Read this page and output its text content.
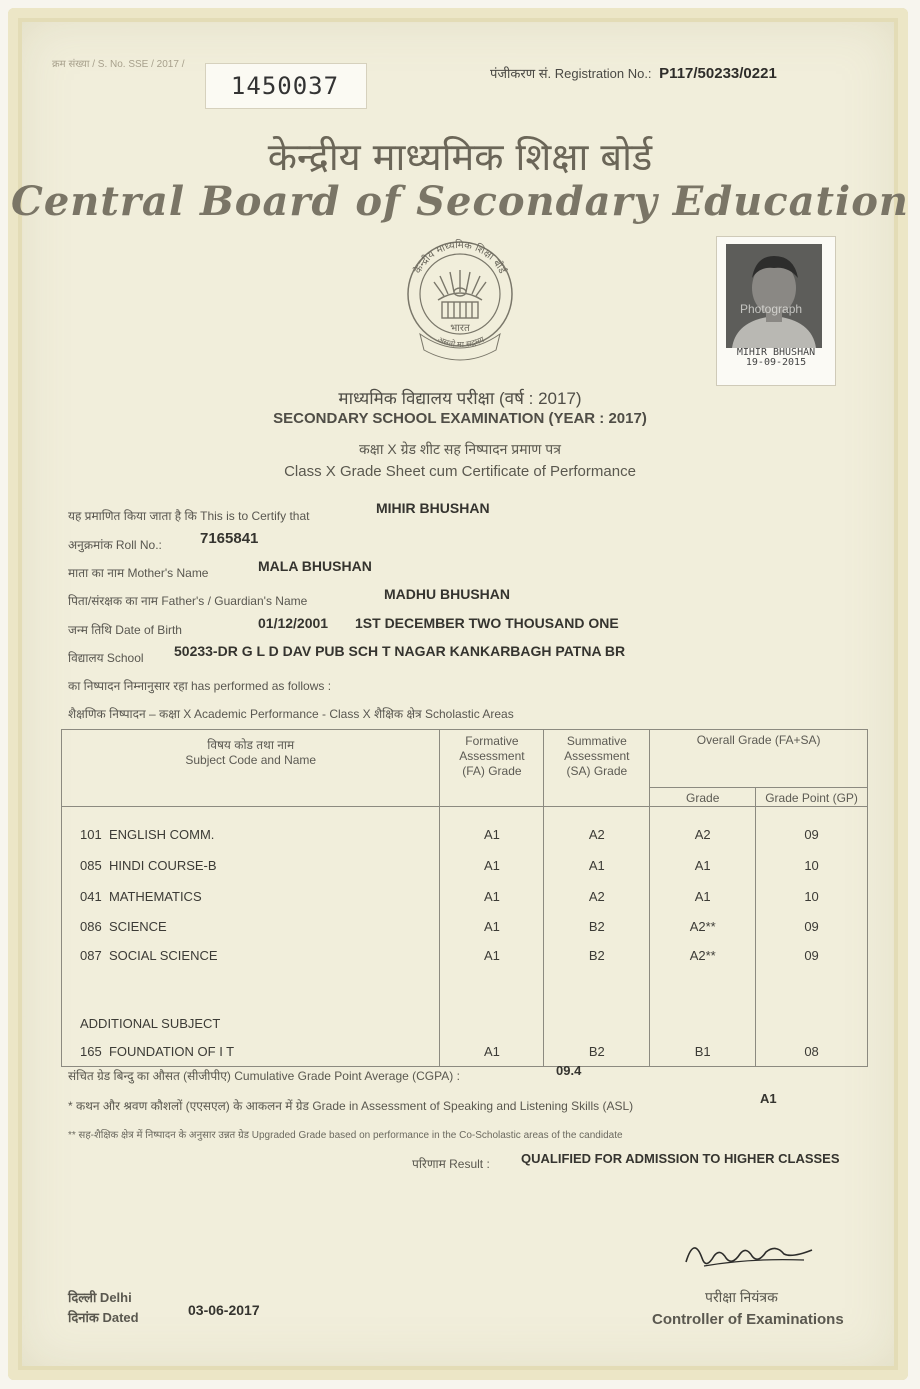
क्रम संख्या / S. No. SSE / 2017 /
1450037	पंजीकरण सं. Registration No.: P117/50233/0221
केन्द्रीय माध्यमिक शिक्षा बोर्ड
Central Board of Secondary Education
केन्द्रीय माध्यमिक शिक्षा बोर्ड
भारत
असतो मा सद्गमय
Photograph
MIHIR BHUSHAN
19-09-2015
माध्यमिक विद्यालय परीक्षा (वर्ष : 2017)
SECONDARY SCHOOL EXAMINATION (YEAR : 2017)
कक्षा X ग्रेड शीट सह निष्पादन प्रमाण पत्र
Class X Grade Sheet cum Certificate of Performance
यह प्रमाणित किया जाता है कि This is to Certify that	MIHIR BHUSHAN
अनुक्रमांक Roll No.:	7165841
माता का नाम Mother's Name	MALA BHUSHAN
पिता/संरक्षक का नाम Father's / Guardian's Name	MADHU BHUSHAN
जन्म तिथि Date of Birth	01/12/2001 1ST DECEMBER TWO THOUSAND ONE
विद्यालय School 50233-DR G L D DAV PUB SCH T NAGAR KANKARBAGH PATNA BR
का निष्पादन निम्नानुसार रहा has performed as follows :
शैक्षणिक निष्पादन – कक्षा X Academic Performance - Class X शैक्षिक क्षेत्र Scholastic Areas
विषय कोड तथा नाम
Subject Code and Name	Formative Assessment (FA) Grade	Summative Assessment (SA) Grade	Overall Grade (FA+SA)	
			Grade	Grade Point (GP)

101 ENGLISH COMM.	A1	A2	A2	09
085 HINDI COURSE-B	A1	A1	A1	10
041 MATHEMATICS	A1	A2	A1	10
086 SCIENCE	A1	B2	A2**	09
087 SOCIAL SCIENCE	A1	B2	A2**	09

ADDITIONAL SUBJECT				
165 FOUNDATION OF I T	A1	B2	B1	08

संचित ग्रेड बिन्दु का औसत (सीजीपीए) Cumulative Grade Point Average (CGPA) :	09.4
* कथन और श्रवण कौशलों (एएसएल) के आकलन में ग्रेड Grade in Assessment of Speaking and Listening Skills (ASL)	A1
** सह-शैक्षिक क्षेत्र में निष्पादन के अनुसार उन्नत ग्रेड Upgraded Grade based on performance in the Co-Scholastic areas of the candidate
परिणाम Result : QUALIFIED FOR ADMISSION TO HIGHER CLASSES
दिल्ली Delhi
दिनांक Dated	03-06-2017
परीक्षा नियंत्रक
Controller of Examinations
